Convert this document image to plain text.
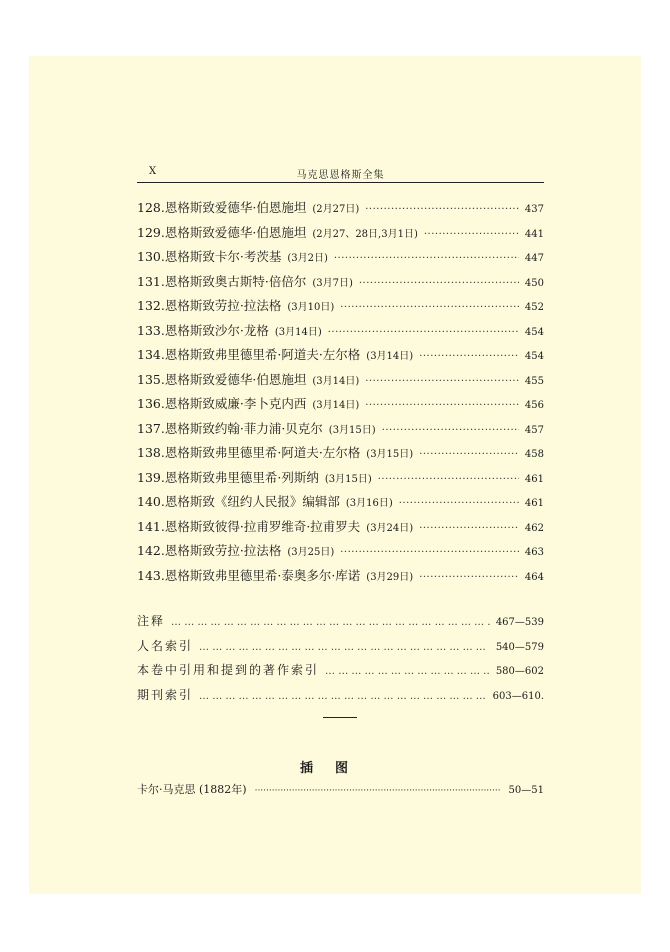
X	马克思恩格斯全集
128. 恩格斯致爱德华·伯恩施坦 (2月27日) ·····	437
129. 恩格斯致爱德华·伯恩施坦 (2月27、28日,3月1日) ·····	441
130. 恩格斯致卡尔·考茨基 (3月2日) ·····	447
131. 恩格斯致奥古斯特·倍倍尔 (3月7日) ·····	450
132. 恩格斯致劳拉·拉法格 (3月10日) ·····	452
133. 恩格斯致沙尔·龙格 (3月14日) ·····	454
134. 恩格斯致弗里德里希·阿道夫·左尔格 (3月14日) ·····	454
135. 恩格斯致爱德华·伯恩施坦 (3月14日) ·····	455
136. 恩格斯致威廉·李卜克内西 (3月14日) ·····	456
137. 恩格斯致约翰·菲力浦·贝克尔 (3月15日) ·····	457
138. 恩格斯致弗里德里希·阿道夫·左尔格 (3月15日) ·····	458
139. 恩格斯致弗里德里希·列斯纳 (3月15日) ·····	461
140. 恩格斯致《纽约人民报》编辑部 (3月16日) ·····	461
141. 恩格斯致彼得·拉甫罗维奇·拉甫罗夫 (3月24日) ·····	462
142. 恩格斯致劳拉·拉法格 (3月25日) ·····	463
143. 恩格斯致弗里德里希·泰奥多尔·库诺 (3月29日) ·····	464
注释 … … … … … … … … … … … … … … … … … … … … … … … … … … … … … … … … … … … … … … … … … … … …	467—539
人名索引 … … … … … … … … … … … … … … … … … … … … … … … … … … … … … … … … … … … … … … … … … … … …	540—579
本卷中引用和提到的著作索引 … … … … … … … … … … … … … … … … … … … … … … … … … … … … … … … … … … … … … … … … … … … …	580—602
期刊索引 … … … … … … … … … … … … … … … … … … … … … … … … … … … … … … … … … … … … … … … … … … … …	603—610.
插图
卡尔·马克思 (1882年) ·····	50—51
